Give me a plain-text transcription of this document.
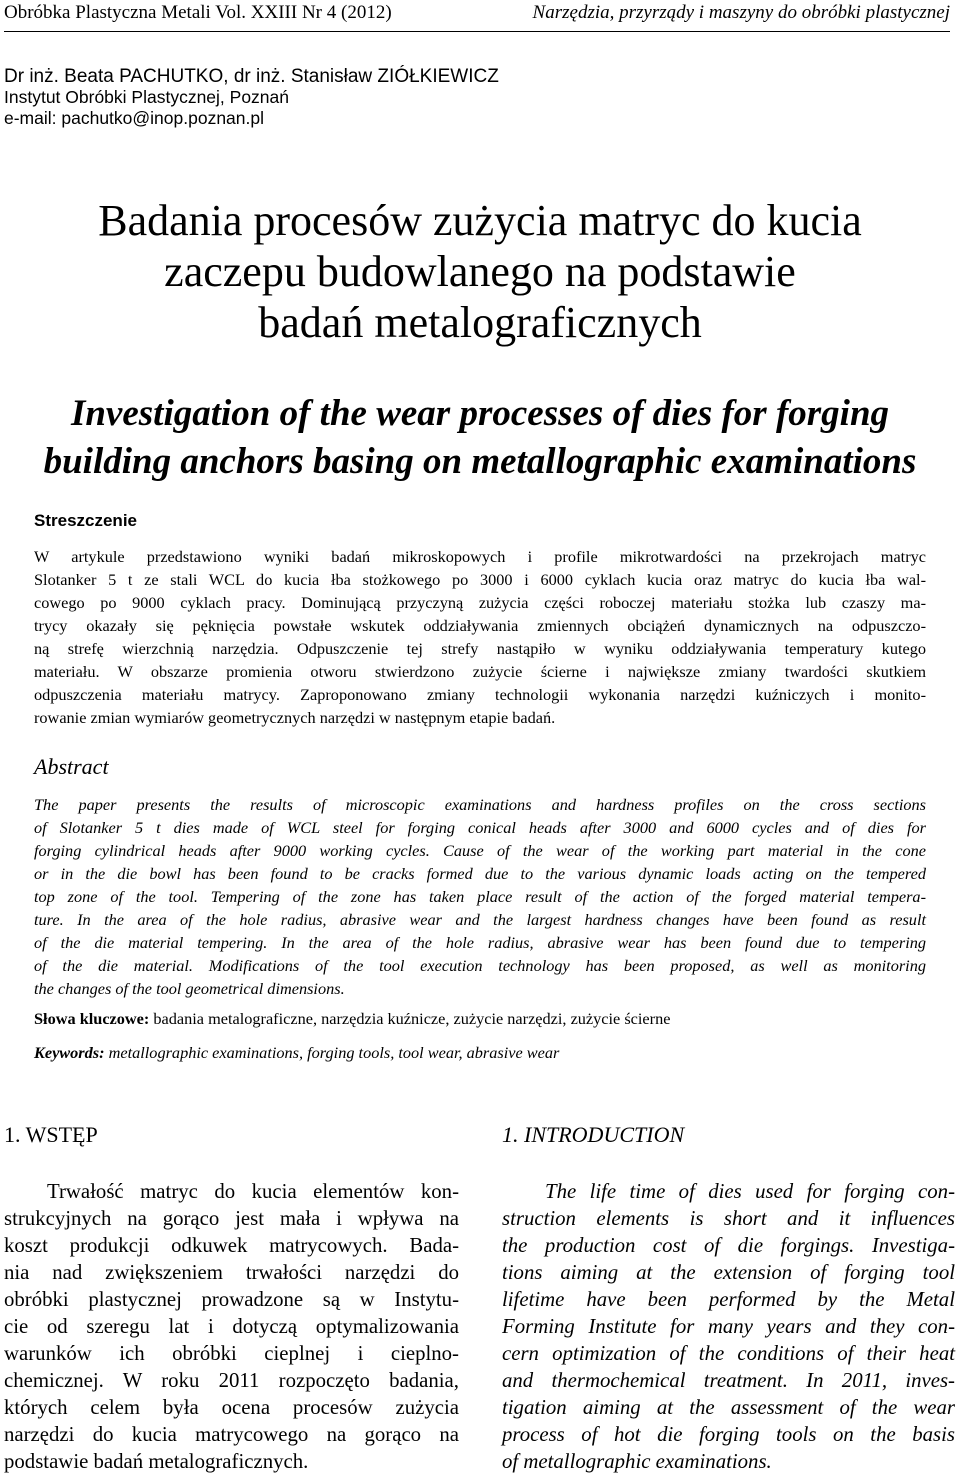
Obróbka Plastyczna Metali Vol. XXIII Nr 4 (2012)	Narzędzia, przyrządy i maszyny do obróbki plastycznej
Dr inż. Beata PACHUTKO, dr inż. Stanisław ZIÓŁKIEWICZ
Instytut Obróbki Plastycznej, Poznań
e-mail: pachutko@inop.poznan.pl
Badania procesów zużycia matryc do kucia
zaczepu budowlanego na podstawie
badań metalograficznych
Investigation of the wear processes of dies for forging
building anchors basing on metallographic examinations
Streszczenie
W artykule przedstawiono wyniki badań mikroskopowych i profile mikrotwardości na przekrojach matryc
Slotanker 5 t ze stali WCL do kucia łba stożkowego po 3000 i 6000 cyklach kucia oraz matryc do kucia łba wal-
cowego po 9000 cyklach pracy. Dominującą przyczyną zużycia części roboczej materiału stożka lub czaszy ma-
trycy okazały się pęknięcia powstałe wskutek oddziaływania zmiennych obciążeń dynamicznych na odpuszczo-
ną strefę wierzchnią narzędzia. Odpuszczenie tej strefy nastąpiło w wyniku oddziaływania temperatury kutego
materiału. W obszarze promienia otworu stwierdzono zużycie ścierne i największe zmiany twardości skutkiem
odpuszczenia materiału matrycy. Zaproponowano zmiany technologii wykonania narzędzi kuźniczych i monito-
rowanie zmian wymiarów geometrycznych narzędzi w następnym etapie badań.
Abstract
The paper presents the results of microscopic examinations and hardness profiles on the cross sections
of Slotanker 5 t dies made of WCL steel for forging conical heads after 3000 and 6000 cycles and of dies for
forging cylindrical heads after 9000 working cycles. Cause of the wear of the working part material in the cone
or in the die bowl has been found to be cracks formed due to the various dynamic loads acting on the tempered
top zone of the tool. Tempering of the zone has taken place result of the action of the forged material tempera-
ture. In the area of the hole radius, abrasive wear and the largest hardness changes have been found as result
of the die material tempering. In the area of the hole radius, abrasive wear has been found due to tempering
of the die material. Modifications of the tool execution technology has been proposed, as well as monitoring
the changes of the tool geometrical dimensions.
Słowa kluczowe: badania metalograficzne, narzędzia kuźnicze, zużycie narzędzi, zużycie ścierne
Keywords: metallographic examinations, forging tools, tool wear, abrasive wear
1. WSTĘP	1. INTRODUCTION
Trwałość matryc do kucia elementów kon-
strukcyjnych na gorąco jest mała i wpływa na
koszt produkcji odkuwek matrycowych. Bada-
nia nad zwiększeniem trwałości narzędzi do
obróbki plastycznej prowadzone są w Instytu-
cie od szeregu lat i dotyczą optymalizowania
warunków ich obróbki cieplnej i cieplno-
chemicznej. W roku 2011 rozpoczęto badania,
których celem była ocena procesów zużycia
narzędzi do kucia matrycowego na gorąco na
podstawie badań metalograficznych.
The life time of dies used for forging con-
struction elements is short and it influences
the production cost of die forgings. Investiga-
tions aiming at the extension of forging tool
lifetime have been performed by the Metal
Forming Institute for many years and they con-
cern optimization of the conditions of their heat
and thermochemical treatment. In 2011, inves-
tigation aiming at the assessment of the wear
process of hot die forging tools on the basis
of metallographic examinations.
